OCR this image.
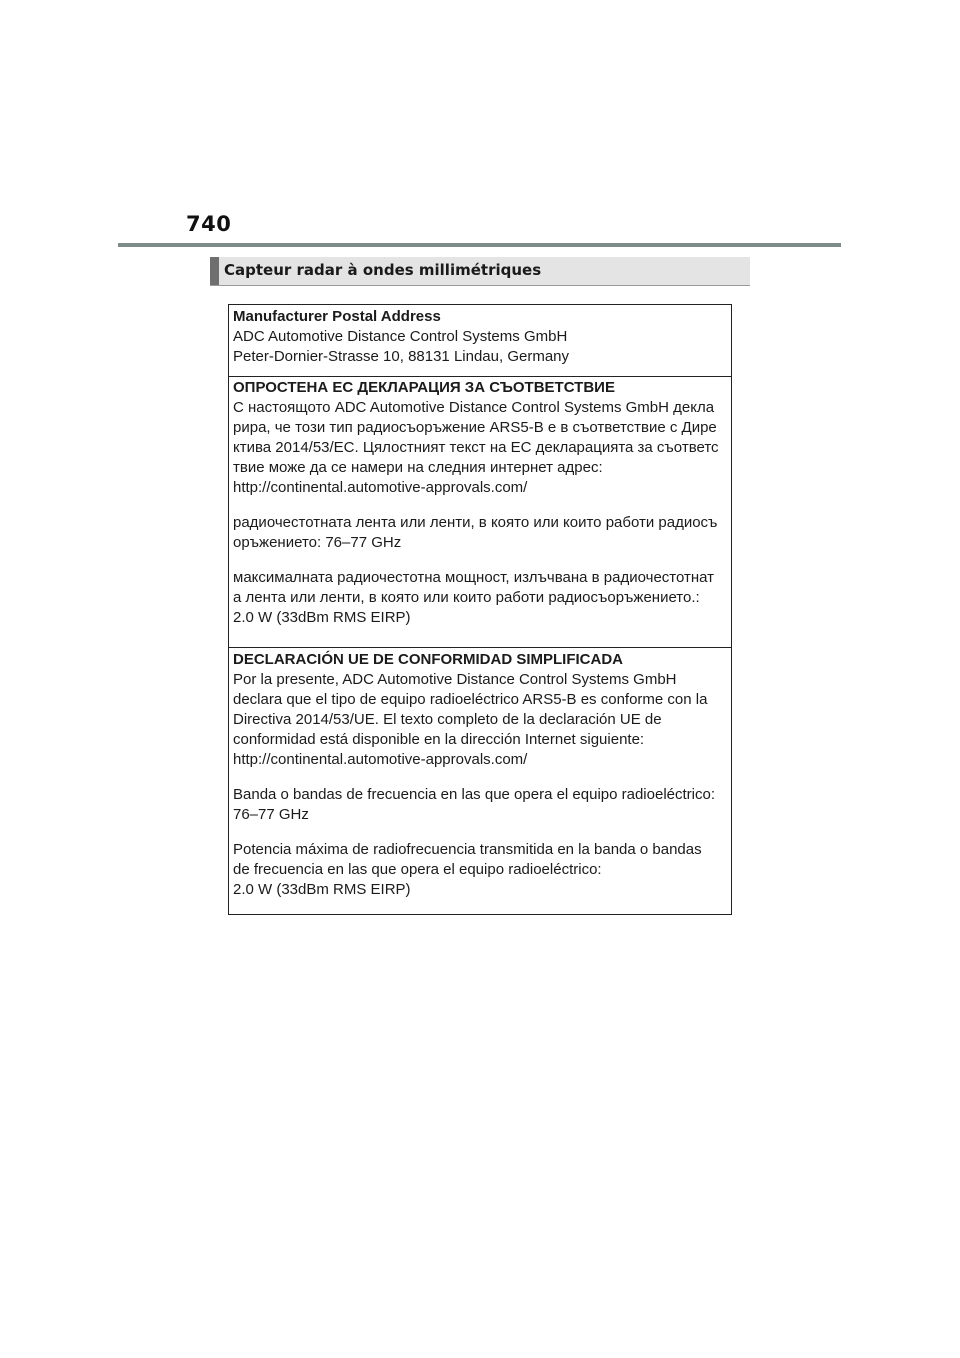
740
Capteur radar à ondes millimétriques
Manufacturer Postal Address
ADC Automotive Distance Control Systems GmbH
Peter-Dornier-Strasse 10, 88131 Lindau, Germany
ОПРОСТЕНА ЕС ДЕКЛАРАЦИЯ ЗА СЪОТВЕТСТВИЕ
С настоящото ADC Automotive Distance Control Systems GmbH декла
рира, че този тип радиосъоръжение ARS5-B е в съответствие с Дире
ктива 2014/53/EC. Цялостният текст на ЕС декларацията за съответс
твие може да се намери на следния интернет адрес:
http://continental.automotive-approvals.com/
радиочестотната лента или ленти, в която или които работи радиосъ
оръжението: 76–77 GHz
максималната радиочестотна мощност, излъчвана в радиочестотнат
а лента или ленти, в която или които работи радиосъоръжението.:
2.0 W (33dBm RMS EIRP)
DECLARACIÓN UE DE CONFORMIDAD SIMPLIFICADA
Por la presente, ADC Automotive Distance Control Systems GmbH
declara que el tipo de equipo radioeléctrico ARS5-B es conforme con la
Directiva 2014/53/UE. El texto completo de la declaración UE de
conformidad está disponible en la dirección Internet siguiente:
http://continental.automotive-approvals.com/
Banda o bandas de frecuencia en las que opera el equipo radioeléctrico:
76–77 GHz
Potencia máxima de radiofrecuencia transmitida en la banda o bandas
de frecuencia en las que opera el equipo radioeléctrico:
2.0 W (33dBm RMS EIRP)
